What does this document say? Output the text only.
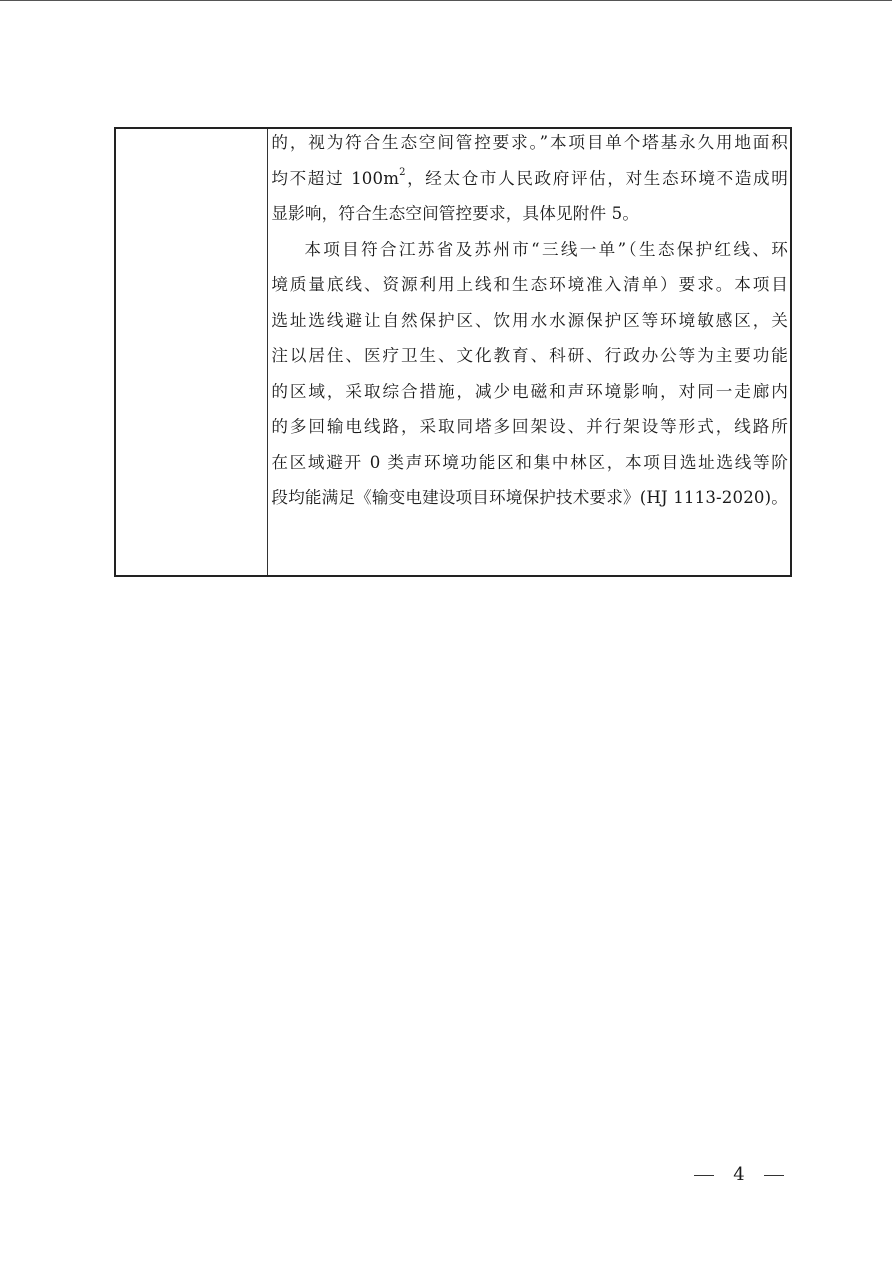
的，视为符合生态空间管控要求。”本项目单个塔基永久用地面积
均不超过 $100m^2$，经太仓市人民政府评估，对生态环境不造成明
显影响，符合生态空间管控要求，具体见附件 5。
本项目符合江苏省及苏州市“三线一单”（生态保护红线、环
境质量底线、资源利用上线和生态环境准入清单）要求。本项目
选址选线避让自然保护区、饮用水水源保护区等环境敏感区，关
注以居住、医疗卫生、文化教育、科研、行政办公等为主要功能
的区域，采取综合措施，减少电磁和声环境影响，对同一走廊内
的多回输电线路，采取同塔多回架设、并行架设等形式，线路所
在区域避开 0 类声环境功能区和集中林区，本项目选址选线等阶
段均能满足《输变电建设项目环境保护技术要求》(HJ 1113-2020)。
4
